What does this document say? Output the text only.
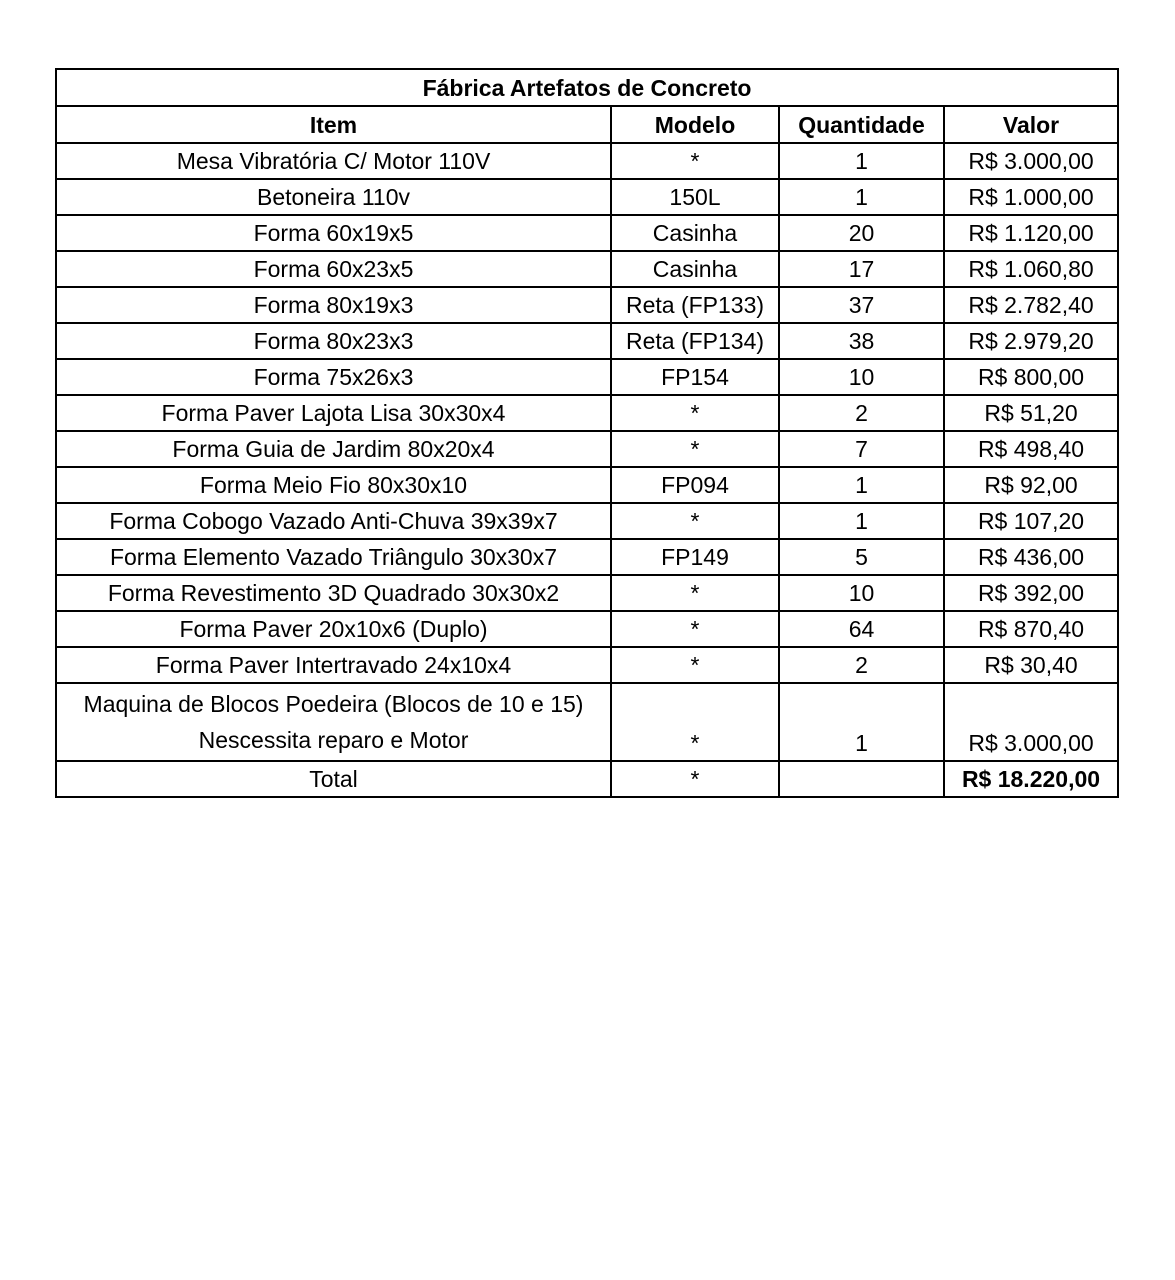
Fábrica Artefatos de Concreto			
Item	Modelo	Quantidade	Valor
Mesa Vibratória C/ Motor 110V	*	1	R$ 3.000,00
Betoneira 110v	150L	1	R$ 1.000,00
Forma 60x19x5	Casinha	20	R$ 1.120,00
Forma 60x23x5	Casinha	17	R$ 1.060,80
Forma 80x19x3	Reta (FP133)	37	R$ 2.782,40
Forma 80x23x3	Reta (FP134)	38	R$ 2.979,20
Forma 75x26x3	FP154	10	R$ 800,00
Forma Paver Lajota Lisa 30x30x4	*	2	R$ 51,20
Forma Guia de Jardim 80x20x4	*	7	R$ 498,40
Forma Meio Fio 80x30x10	FP094	1	R$ 92,00
Forma Cobogo Vazado Anti-Chuva 39x39x7	*	1	R$ 107,20
Forma Elemento Vazado Triângulo 30x30x7	FP149	5	R$ 436,00
Forma Revestimento 3D Quadrado 30x30x2	*	10	R$ 392,00
Forma Paver 20x10x6 (Duplo)	*	64	R$ 870,40
Forma Paver Intertravado 24x10x4	*	2	R$ 30,40
Maquina de Blocos Poedeira (Blocos de 10 e 15) Nescessita reparo e Motor	*	1	R$ 3.000,00
Total	*		R$ 18.220,00
